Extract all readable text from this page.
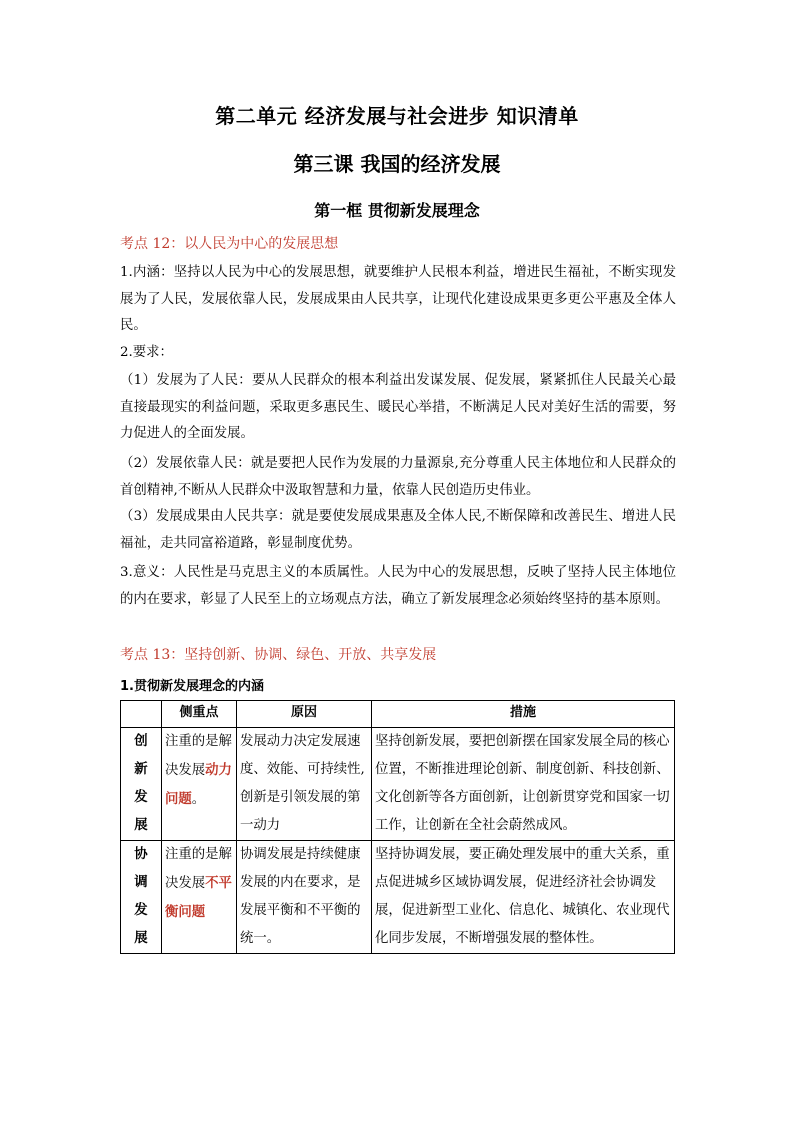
第二单元 经济发展与社会进步 知识清单
第三课 我国的经济发展
第一框 贯彻新发展理念
考点 12：以人民为中心的发展思想
1.内涵：坚持以人民为中心的发展思想，就要维护人民根本利益，增进民生福祉，不断实现发展为了人民，发展依靠人民，发展成果由人民共享，让现代化建设成果更多更公平惠及全体人民。
2.要求：
（1）发展为了人民：要从人民群众的根本利益出发谋发展、促发展，紧紧抓住人民最关心最直接最现实的利益问题，采取更多惠民生、暖民心举措，不断满足人民对美好生活的需要，努力促进人的全面发展。
（2）发展依靠人民：就是要把人民作为发展的力量源泉,充分尊重人民主体地位和人民群众的首创精神,不断从人民群众中汲取智慧和力量，依靠人民创造历史伟业。
（3）发展成果由人民共享：就是要使发展成果惠及全体人民,不断保障和改善民生、增进人民福祉，走共同富裕道路，彰显制度优势。
3.意义：人民性是马克思主义的本质属性。人民为中心的发展思想，反映了坚持人民主体地位的内在要求，彰显了人民至上的立场观点方法，确立了新发展理念必须始终坚持的基本原则。
考点 13：坚持创新、协调、绿色、开放、共享发展
1.贯彻新发展理念的内涵
	侧重点	原因	措施

创
新
发
展	注重的是解决发展动力问题。	发展动力决定发展速度、效能、可持续性,创新是引领发展的第一动力	坚持创新发展，要把创新摆在国家发展全局的核心位置，不断推进理论创新、制度创新、科技创新、文化创新等各方面创新，让创新贯穿党和国家一切工作，让创新在全社会蔚然成风。

协
调
发
展	注重的是解决发展不平衡问题	协调发展是持续健康发展的内在要求，是发展平衡和不平衡的统一。	坚持协调发展，要正确处理发展中的重大关系，重点促进城乡区域协调发展，促进经济社会协调发展，促进新型工业化、信息化、城镇化、农业现代化同步发展，不断增强发展的整体性。
